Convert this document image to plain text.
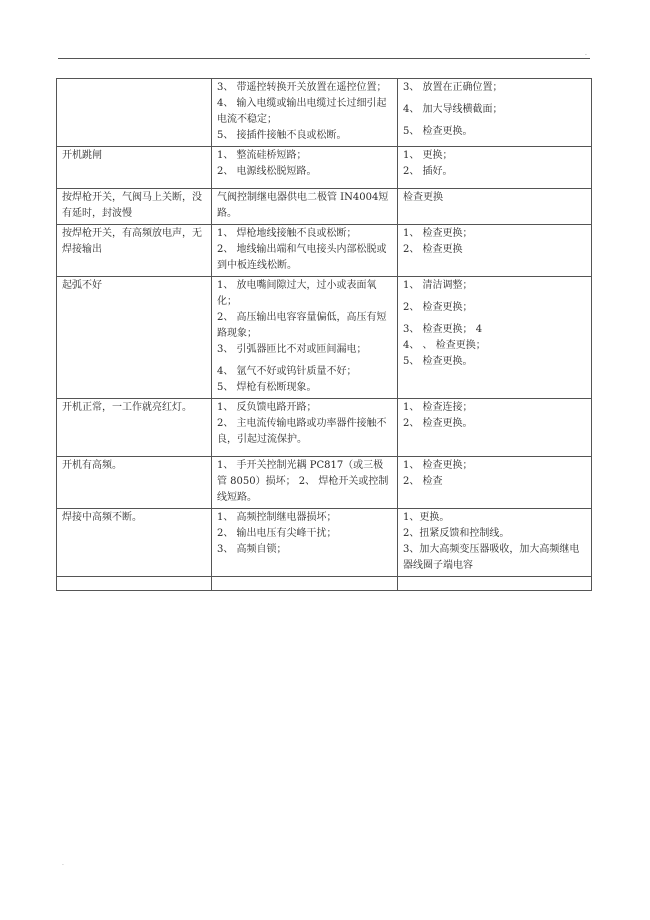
.

	3、 带遥控转换开关放置在遥控位置；
4、 输入电缆或输出电缆过长过细引起电流不稳定；
5、 接插件接触不良或松断。	3、 放置在正确位置；
4、 加大导线横截面；
5、 检查更换。

开机跳闸	1、 整流硅桥短路；
2、 电源线松脱短路。	1、 更换；
2、 插好。

按焊枪开关，气阀马上关断，没有延时，封波慢	气阀控制继电器供电二极管 IN4004短路。	检查更换

按焊枪开关，有高频放电声，无焊接输出	1、 焊枪地线接触不良或松断；
2、 地线输出端和气电接头内部松脱或到中板连线松断。	1、 检查更换；
2、 检查更换

起弧不好	1、 放电嘴间隙过大，过小或表面氧化；
2、 高压输出电容容量偏低，高压有短路现象；
3、 引弧器匝比不对或匝间漏电；
4、 氩气不好或钨针质量不好；
5、 焊枪有松断现象。	1、 清洁调整；
2、 检查更换；
3、 检查更换； 4
4、 、 检查更换；
5、 检查更换。

开机正常，一工作就亮红灯。	1、 反负馈电路开路；
2、 主电流传输电路或功率器件接触不良，引起过流保护。	1、 检查连接；
2、 检查更换。

开机有高频。	1、 手开关控制光耦 PC817（或三极管 8050）损坏； 2、 焊枪开关或控制线短路。	1、 检查更换；
2、 检查

焊接中高频不断。	1、 高频控制继电器损坏；
2、 输出电压有尖峰干扰；
3、 高频自锁；	1、更换。
2、扭紧反馈和控制线。
3、加大高频变压器吸收，加大高频继电器线圈子端电容

.
